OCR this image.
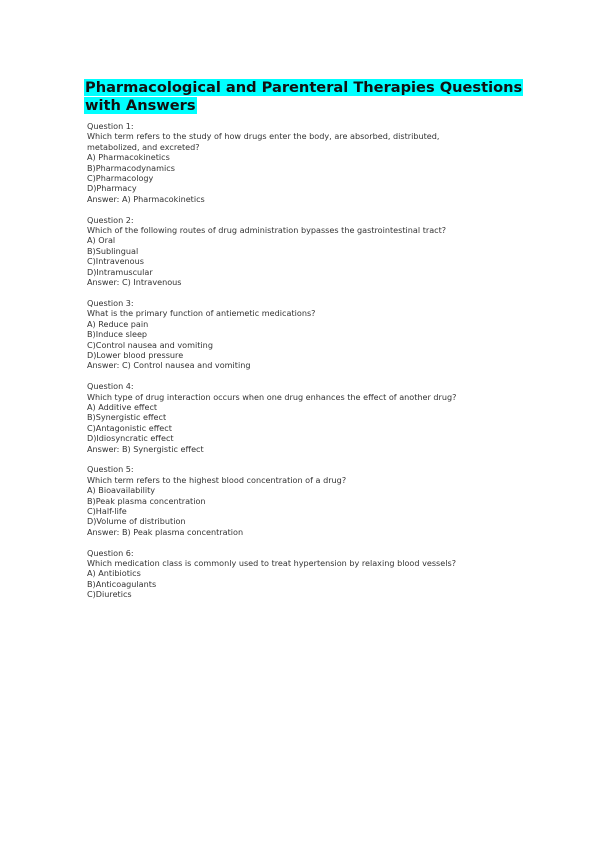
Pharmacological and Parenteral Therapies Questions with Answers
Question 1:
Which term refers to the study of how drugs enter the body, are absorbed, distributed, metabolized, and excreted?
A) Pharmacokinetics
B)Pharmacodynamics
C)Pharmacology
D)Pharmacy
Answer: A) Pharmacokinetics
Question 2:
Which of the following routes of drug administration bypasses the gastrointestinal tract?
A) Oral
B)Sublingual
C)Intravenous
D)Intramuscular
Answer: C) Intravenous
Question 3:
What is the primary function of antiemetic medications?
A) Reduce pain
B)Induce sleep
C)Control nausea and vomiting
D)Lower blood pressure
Answer: C) Control nausea and vomiting
Question 4:
Which type of drug interaction occurs when one drug enhances the effect of another drug?
A) Additive effect
B)Synergistic effect
C)Antagonistic effect
D)Idiosyncratic effect
Answer: B) Synergistic effect
Question 5:
Which term refers to the highest blood concentration of a drug?
A) Bioavailability
B)Peak plasma concentration
C)Half-life
D)Volume of distribution
Answer: B) Peak plasma concentration
Question 6:
Which medication class is commonly used to treat hypertension by relaxing blood vessels?
A) Antibiotics
B)Anticoagulants
C)Diuretics
